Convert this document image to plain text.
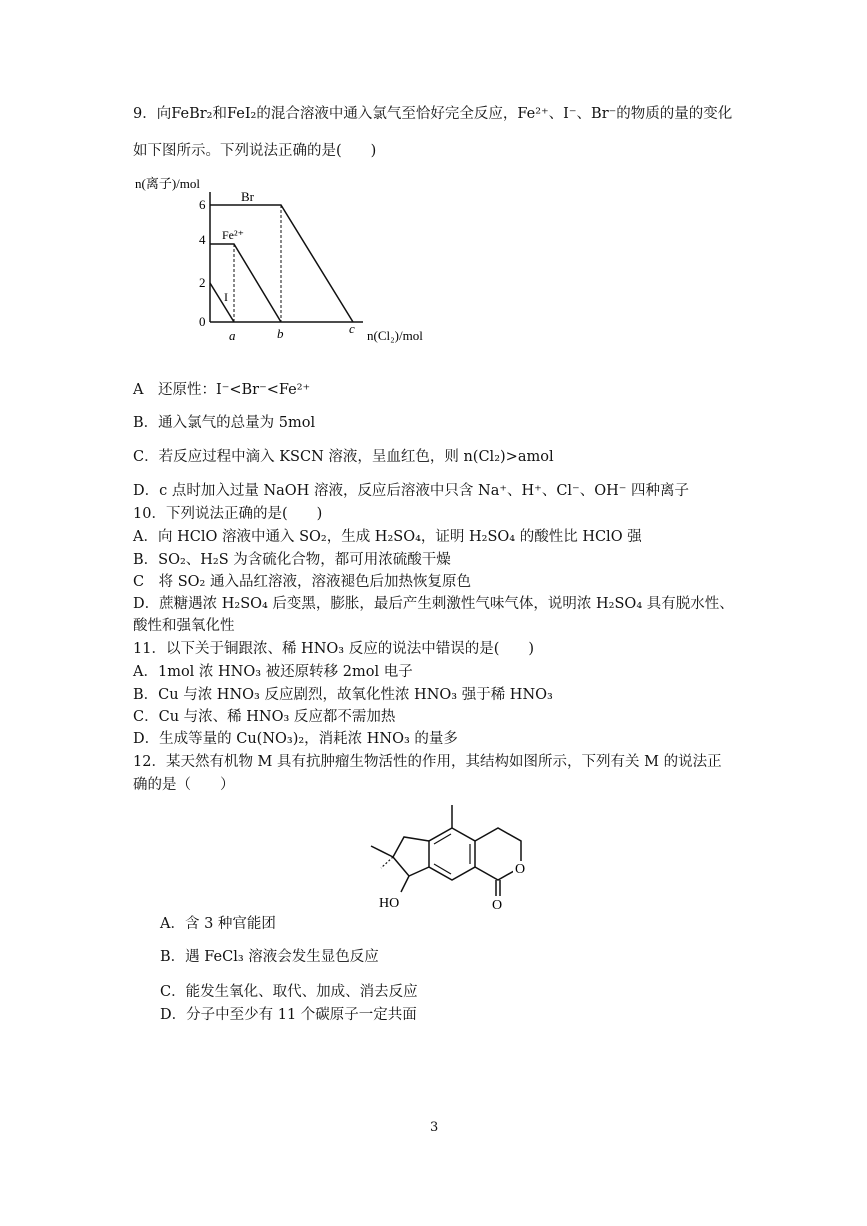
9．向FeBr₂和FeI₂的混合溶液中通入氯气至恰好完全反应，Fe²⁺、I⁻、Br⁻的物质的量的变化
如下图所示。下列说法正确的是(　　)
n(离子)/mol
6
4
2
0
a	b	c n(Cl₂)/mol
I
Fe²⁺
Br
A　还原性：I⁻<Br⁻<Fe²⁺
B．通入氯气的总量为 5mol
C．若反应过程中滴入 KSCN 溶液，呈血红色，则 n(Cl₂)>amol
D．c 点时加入过量 NaOH 溶液，反应后溶液中只含 Na⁺、H⁺、Cl⁻、OH⁻ 四种离子
10．下列说法正确的是(　　)
A．向 HClO 溶液中通入 SO₂，生成 H₂SO₄，证明 H₂SO₄ 的酸性比 HClO 强
B．SO₂、H₂S 为含硫化合物，都可用浓硫酸干燥
C　将 SO₂ 通入品红溶液，溶液褪色后加热恢复原色
D．蔗糖遇浓 H₂SO₄ 后变黑，膨胀，最后产生刺激性气味气体，说明浓 H₂SO₄ 具有脱水性、
酸性和强氧化性
11．以下关于铜跟浓、稀 HNO₃ 反应的说法中错误的是(　　)
A．1mol 浓 HNO₃ 被还原转移 2mol 电子
B．Cu 与浓 HNO₃ 反应剧烈，故氧化性浓 HNO₃ 强于稀 HNO₃
C．Cu 与浓、稀 HNO₃ 反应都不需加热
D．生成等量的 Cu(NO₃)₂，消耗浓 HNO₃ 的量多
12．某天然有机物 M 具有抗肿瘤生物活性的作用，其结构如图所示，下列有关 M 的说法正
确的是（　　）
HO
O
O
A．含 3 种官能团
B．遇 FeCl₃ 溶液会发生显色反应
C．能发生氧化、取代、加成、消去反应
D．分子中至少有 11 个碳原子一定共面
3
